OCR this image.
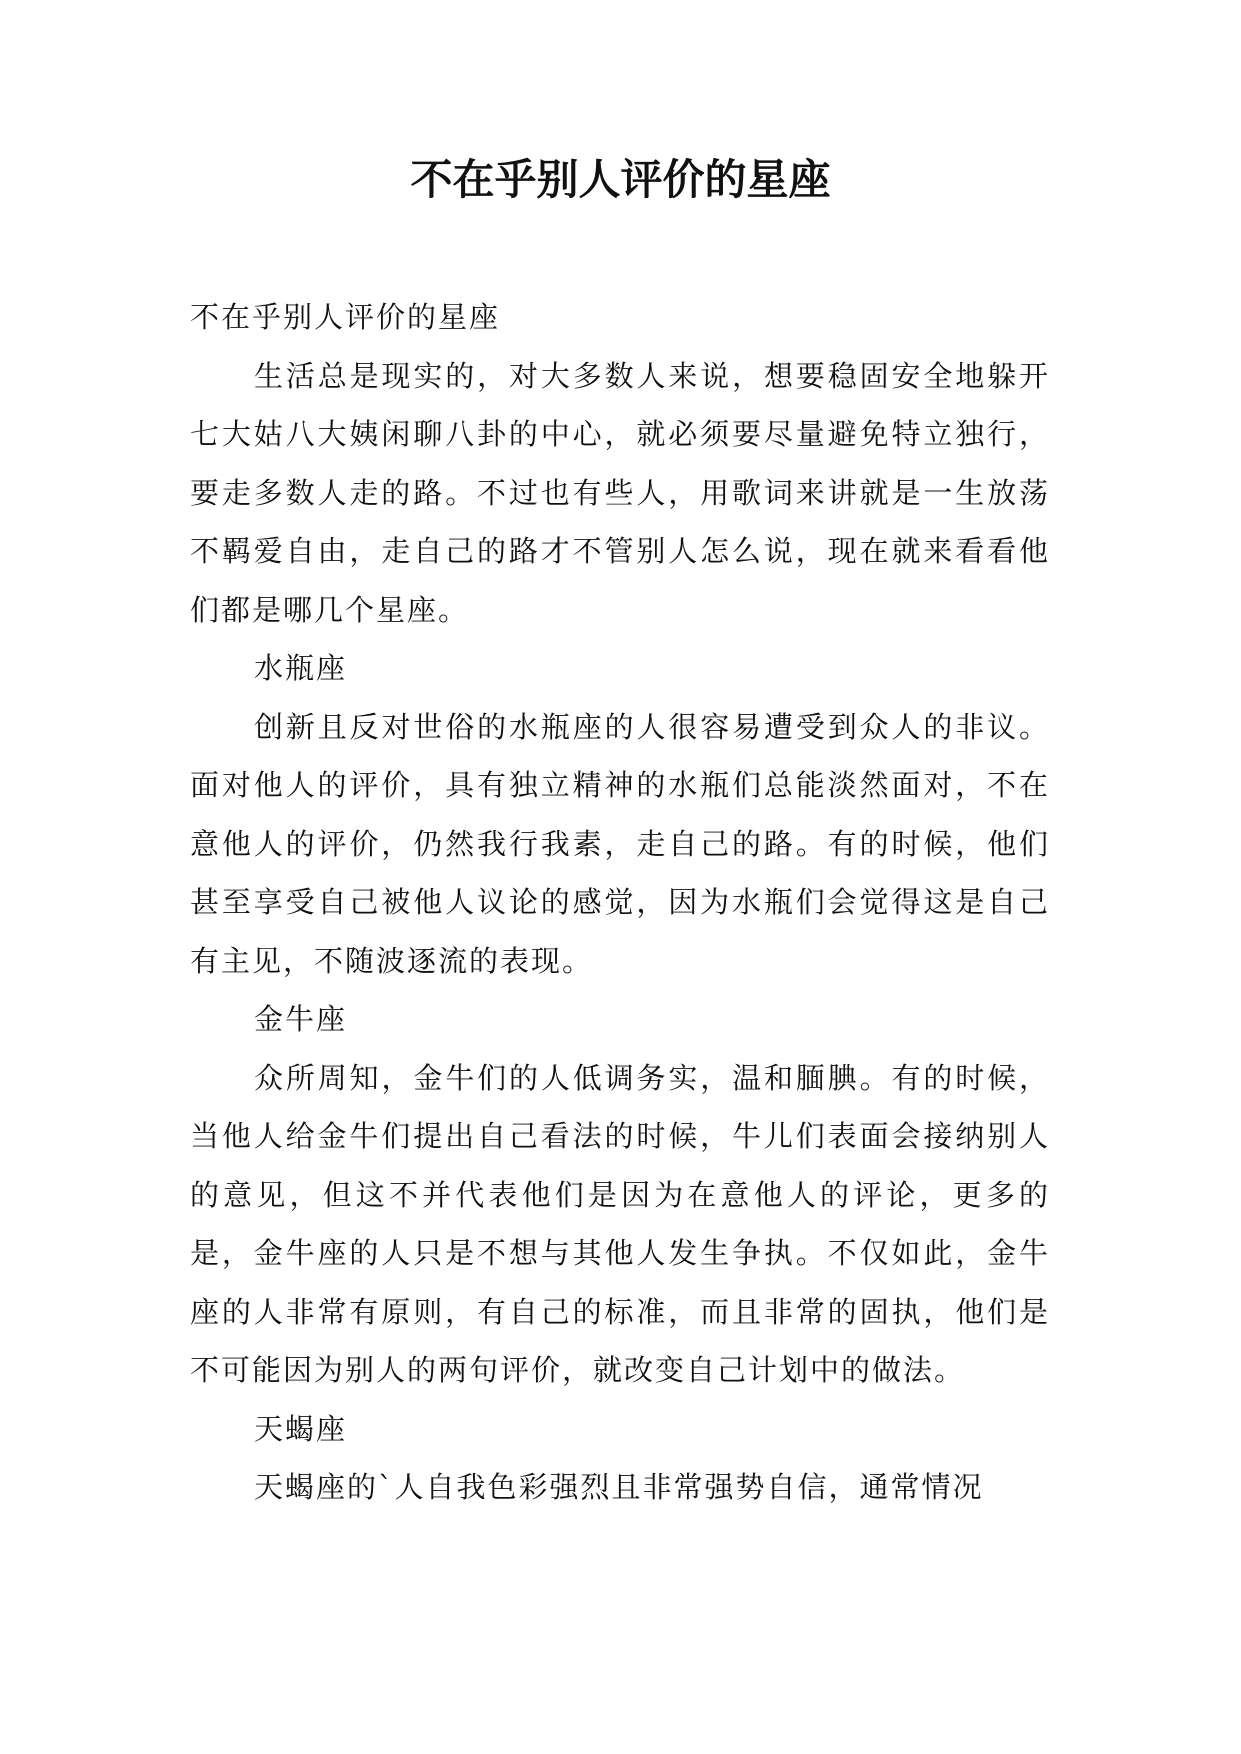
不在乎别人评价的星座

不在乎别人评价的星座

生活总是现实的，对大多数人来说，想要稳固安全地躲开七大姑八大姨闲聊八卦的中心，就必须要尽量避免特立独行，要走多数人走的路。不过也有些人，用歌词来讲就是一生放荡不羁爱自由，走自己的路才不管别人怎么说，现在就来看看他们都是哪几个星座。

水瓶座

创新且反对世俗的水瓶座的人很容易遭受到众人的非议。面对他人的评价，具有独立精神的水瓶们总能淡然面对，不在意他人的评价，仍然我行我素，走自己的路。有的时候，他们甚至享受自己被他人议论的感觉，因为水瓶们会觉得这是自己有主见，不随波逐流的表现。

金牛座

众所周知，金牛们的人低调务实，温和腼腆。有的时候，当他人给金牛们提出自己看法的时候，牛儿们表面会接纳别人的意见，但这不并代表他们是因为在意他人的评论，更多的是，金牛座的人只是不想与其他人发生争执。不仅如此，金牛座的人非常有原则，有自己的标准，而且非常的固执，他们是不可能因为别人的两句评价，就改变自己计划中的做法。

天蝎座

天蝎座的`人自我色彩强烈且非常强势自信，通常情况
